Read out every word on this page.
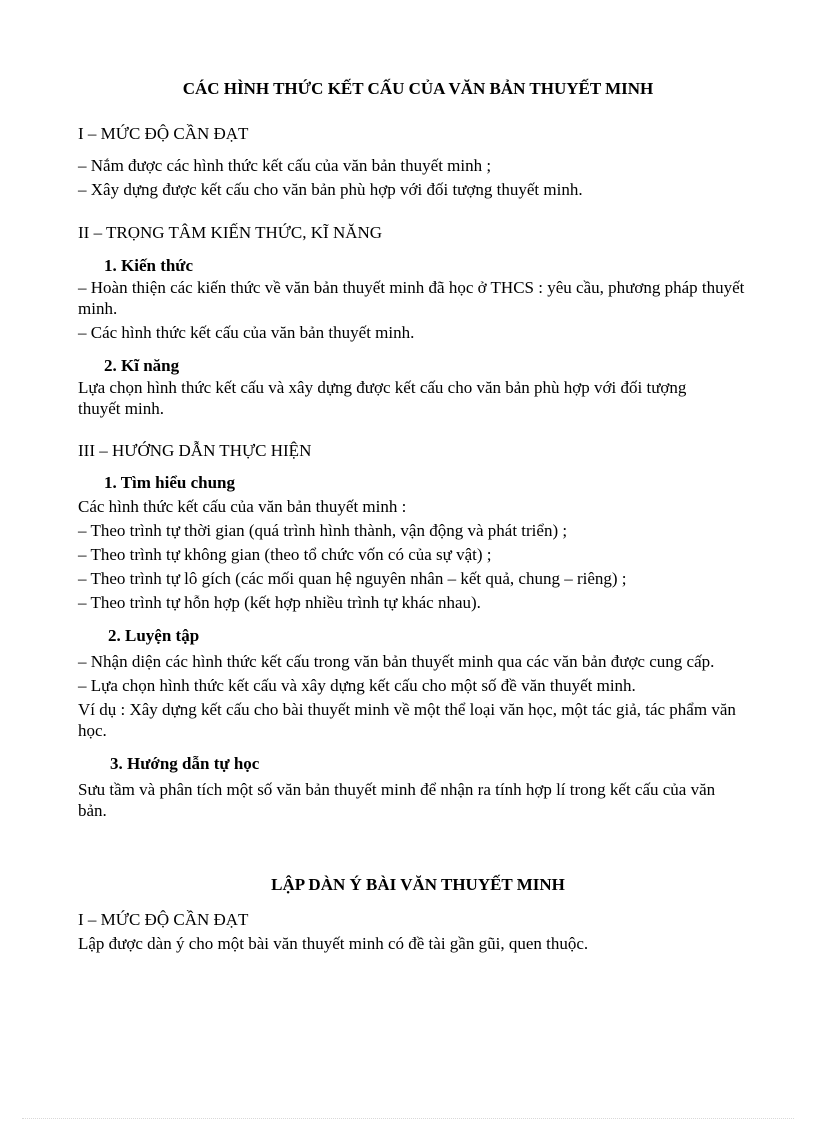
CÁC HÌNH THỨC KẾT CẤU CỦA VĂN BẢN THUYẾT MINH
I – MỨC ĐỘ CẦN ĐẠT
– Nắm được các hình thức kết cấu của văn bản thuyết minh ;
– Xây dựng được kết cấu cho văn bản phù hợp với đối tượng thuyết minh.
II – TRỌNG TÂM KIẾN THỨC, KĨ NĂNG
1. Kiến thức
– Hoàn thiện các kiến thức về văn bản thuyết minh đã học ở THCS : yêu cầu, phương pháp thuyết minh.
– Các hình thức kết cấu của văn bản thuyết minh.
2. Kĩ năng
Lựa chọn hình thức kết cấu và xây dựng được kết cấu cho văn bản phù hợp với đối tượng thuyết minh.
III – HƯỚNG DẪN THỰC HIỆN
1. Tìm hiểu chung
Các hình thức kết cấu của văn bản thuyết minh :
– Theo trình tự thời gian (quá trình hình thành, vận động và phát triển) ;
– Theo trình tự không gian (theo tổ chức vốn có của sự vật) ;
– Theo trình tự lô gích (các mối quan hệ nguyên nhân – kết quả, chung – riêng) ;
– Theo trình tự hỗn hợp (kết hợp nhiều trình tự khác nhau).
2. Luyện tập
– Nhận diện các hình thức kết cấu trong văn bản thuyết minh qua các văn bản được cung cấp.
– Lựa chọn hình thức kết cấu và xây dựng kết cấu cho một số đề văn thuyết minh.
Ví dụ : Xây dựng kết cấu cho bài thuyết minh về một thể loại văn học, một tác giả, tác phẩm văn học.
3. Hướng dẫn tự học
Sưu tầm và phân tích một số văn bản thuyết minh để nhận ra tính hợp lí trong kết cấu của văn bản.
LẬP DÀN Ý BÀI VĂN THUYẾT MINH
I – MỨC ĐỘ CẦN ĐẠT
Lập được dàn ý cho một bài văn thuyết minh có đề tài gần gũi, quen thuộc.
